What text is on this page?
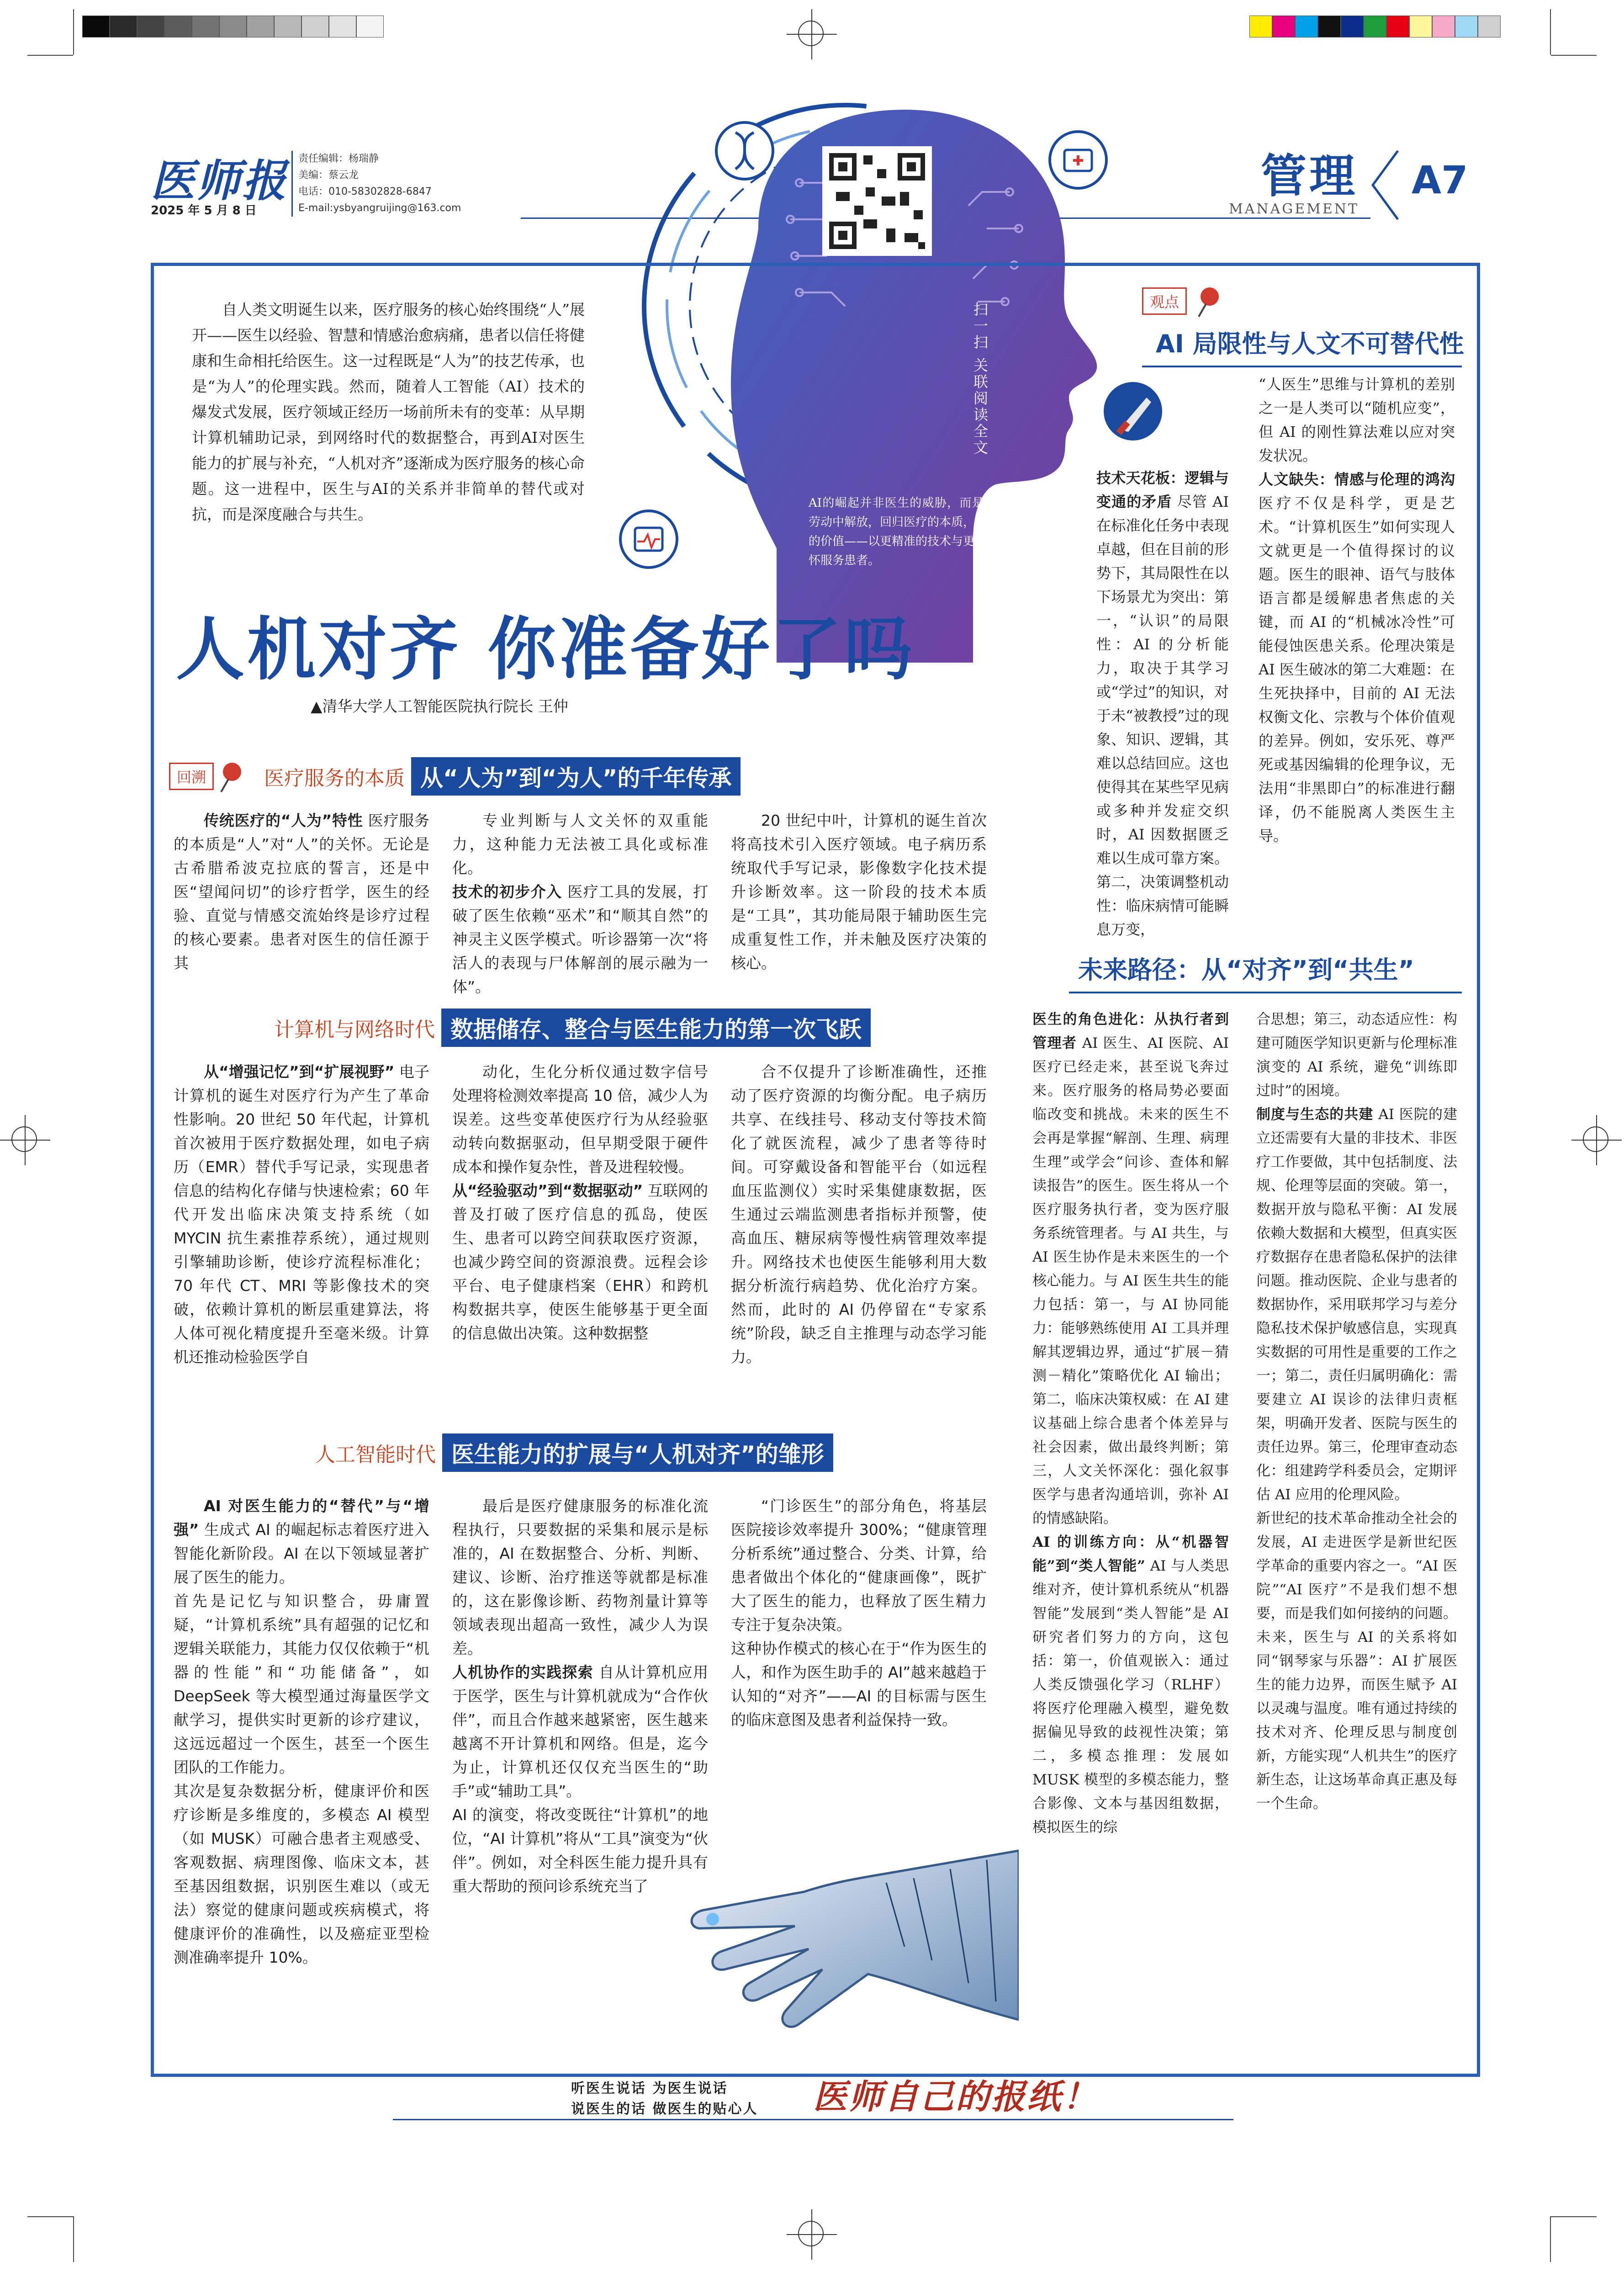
医师报
2025 年 5 月 8 日
责任编辑：杨瑞静
美编：蔡云龙
电话：010-58302828-6847
E-mail:ysbyangruijing@163.com
管理
MANAGEMENT
A7
扫一扫 关联阅读全文
AI的崛起并非医生的威胁，而是将其从重复劳动中解放，回归医疗的本质，提升医疗服务的价值——以更精准的技术与更深厚的人文关怀服务患者。
自人类文明诞生以来，医疗服务的核心始终围绕“人”展开——医生以经验、智慧和情感治愈病痛，患者以信任将健康和生命相托给医生。这一过程既是“人为”的技艺传承，也是“为人”的伦理实践。然而，随着人工智能（AI）技术的爆发式发展，医疗领域正经历一场前所未有的变革：从早期计算机辅助记录，到网络时代的数据整合，再到AI对医生能力的扩展与补充，“人机对齐”逐渐成为医疗服务的核心命题。这一进程中，医生与AI的关系并非简单的替代或对抗，而是深度融合与共生。
人机对齐 你准备好了吗
▲清华大学人工智能医院执行院长 王仲
回溯	医疗服务的本质 从“人为”到“为人”的千年传承

传统医疗的“人为”特性 医疗服务的本质是“人”对“人”的关怀。无论是古希腊希波克拉底的誓言，还是中医“望闻问切”的诊疗哲学，医生的经验、直觉与情感交流始终是诊疗过程的核心要素。患者对医生的信任源于其

专业判断与人文关怀的双重能力，这种能力无法被工具化或标准化。
技术的初步介入 医疗工具的发展，打破了医生依赖“巫术”和“顺其自然”的神灵主义医学模式。听诊器第一次“将活人的表现与尸体解剖的展示融为一体”。

20 世纪中叶，计算机的诞生首次将高技术引入医疗领域。电子病历系统取代手写记录，影像数字化技术提升诊断效率。这一阶段的技术本质是“工具”，其功能局限于辅助医生完成重复性工作，并未触及医疗决策的核心。

计算机与网络时代 数据储存、整合与医生能力的第一次飞跃

从“增强记忆”到“扩展视野” 电子计算机的诞生对医疗行为产生了革命性影响。20 世纪 50 年代起，计算机首次被用于医疗数据处理，如电子病历（EMR）替代手写记录，实现患者信息的结构化存储与快速检索；60 年代开发出临床决策支持系统（如 MYCIN 抗生素推荐系统），通过规则引擎辅助诊断，使诊疗流程标准化；70 年代 CT、MRI 等影像技术的突破，依赖计算机的断层重建算法，将人体可视化精度提升至毫米级。计算机还推动检验医学自

动化，生化分析仪通过数字信号处理将检测效率提高 10 倍，减少人为误差。这些变革使医疗行为从经验驱动转向数据驱动，但早期受限于硬件成本和操作复杂性，普及进程较慢。
从“经验驱动”到“数据驱动” 互联网的普及打破了医疗信息的孤岛，使医生、患者可以跨空间获取医疗资源，也减少跨空间的资源浪费。远程会诊平台、电子健康档案（EHR）和跨机构数据共享，使医生能够基于更全面的信息做出决策。这种数据整

合不仅提升了诊断准确性，还推动了医疗资源的均衡分配。电子病历共享、在线挂号、移动支付等技术简化了就医流程，减少了患者等待时间。可穿戴设备和智能平台（如远程血压监测仪）实时采集健康数据，医生通过云端监测患者指标并预警，使高血压、糖尿病等慢性病管理效率提升。网络技术也使医生能够利用大数据分析流行病趋势、优化治疗方案。然而，此时的 AI 仍停留在“专家系统”阶段，缺乏自主推理与动态学习能力。

人工智能时代 医生能力的扩展与“人机对齐”的雏形

AI 对医生能力的“替代”与“增强” 生成式 AI 的崛起标志着医疗进入智能化新阶段。AI 在以下领域显著扩展了医生的能力。
首先是记忆与知识整合，毋庸置疑，“计算机系统”具有超强的记忆和逻辑关联能力，其能力仅仅依赖于“机器的性能”和“功能储备”，如 DeepSeek 等大模型通过海量医学文献学习，提供实时更新的诊疗建议，这远远超过一个医生，甚至一个医生团队的工作能力。
其次是复杂数据分析，健康评价和医疗诊断是多维度的，多模态 AI 模型（如 MUSK）可融合患者主观感受、客观数据、病理图像、临床文本，甚至基因组数据，识别医生难以（或无法）察觉的健康问题或疾病模式，将健康评价的准确性，以及癌症亚型检测准确率提升 10%。

最后是医疗健康服务的标准化流程执行，只要数据的采集和展示是标准的，AI 在数据整合、分析、判断、建议、诊断、治疗推送等就都是标准的，这在影像诊断、药物剂量计算等领域表现出超高一致性，减少人为误差。
人机协作的实践探索 自从计算机应用于医学，医生与计算机就成为“合作伙伴”，而且合作越来越紧密，医生越来越离不开计算机和网络。但是，迄今为止，计算机还仅仅充当医生的“助手”或“辅助工具”。
AI 的演变，将改变既往“计算机”的地位，“AI 计算机”将从“工具”演变为“伙伴”。例如，对全科医生能力提升具有重大帮助的预问诊系统充当了

“门诊医生”的部分角色，将基层医院接诊效率提升 300%；“健康管理分析系统”通过整合、分类、计算，给患者做出个体化的“健康画像”，既扩大了医生的能力，也释放了医生精力专注于复杂决策。
这种协作模式的核心在于“作为医生的人，和作为医生助手的 AI”越来越趋于认知的“对齐”——AI 的目标需与医生的临床意图及患者利益保持一致。

观点
AI 局限性与人文不可替代性

技术天花板：逻辑与变通的矛盾 尽管 AI 在标准化任务中表现卓越，但在目前的形势下，其局限性在以下场景尤为突出：第一，“认识”的局限性：AI 的分析能力，取决于其学习或“学过”的知识，对于未“被教授”过的现象、知识、逻辑，其难以总结回应。这也使得其在某些罕见病或多种并发症交织时，AI 因数据匮乏难以生成可靠方案。第二，决策调整机动性：临床病情可能瞬息万变，

“人医生”思维与计算机的差别之一是人类可以“随机应变”，但 AI 的刚性算法难以应对突发状况。
人文缺失：情感与伦理的鸿沟 医疗不仅是科学，更是艺术。“计算机医生”如何实现人文就更是一个值得探讨的议题。医生的眼神、语气与肢体语言都是缓解患者焦虑的关键，而 AI 的“机械冰冷性”可能侵蚀医患关系。伦理决策是 AI 医生破冰的第二大难题：在生死抉择中，目前的 AI 无法权衡文化、宗教与个体价值观的差异。例如，安乐死、尊严死或基因编辑的伦理争议，无法用“非黑即白”的标准进行翻译，仍不能脱离人类医生主导。

未来路径：从“对齐”到“共生”

医生的角色进化：从执行者到管理者 AI 医生、AI 医院、AI 医疗已经走来，甚至说飞奔过来。医疗服务的格局势必要面临改变和挑战。未来的医生不会再是掌握“解剖、生理、病理生理”或学会“问诊、查体和解读报告”的医生。医生将从一个医疗服务执行者，变为医疗服务系统管理者。与 AI 共生，与 AI 医生协作是未来医生的一个核心能力。与 AI 医生共生的能力包括：第一，与 AI 协同能力：能够熟练使用 AI 工具并理解其逻辑边界，通过“扩展－猜测－精化”策略优化 AI 输出；第二，临床决策权威：在 AI 建议基础上综合患者个体差异与社会因素，做出最终判断；第三，人文关怀深化：强化叙事医学与患者沟通培训，弥补 AI 的情感缺陷。
AI 的训练方向：从“机器智能”到“类人智能” AI 与人类思维对齐，使计算机系统从“机器智能”发展到“类人智能”是 AI 研究者们努力的方向，这包括：第一，价值观嵌入：通过人类反馈强化学习（RLHF）将医疗伦理融入模型，避免数据偏见导致的歧视性决策；第二，多模态推理：发展如 MUSK 模型的多模态能力，整合影像、文本与基因组数据，模拟医生的综

合思想；第三，动态适应性：构建可随医学知识更新与伦理标准演变的 AI 系统，避免“训练即过时”的困境。
制度与生态的共建 AI 医院的建立还需要有大量的非技术、非医疗工作要做，其中包括制度、法规、伦理等层面的突破。第一，数据开放与隐私平衡：AI 发展依赖大数据和大模型，但真实医疗数据存在患者隐私保护的法律问题。推动医院、企业与患者的数据协作，采用联邦学习与差分隐私技术保护敏感信息，实现真实数据的可用性是重要的工作之一；第二，责任归属明确化：需要建立 AI 误诊的法律归责框架，明确开发者、医院与医生的责任边界。第三，伦理审查动态化：组建跨学科委员会，定期评估 AI 应用的伦理风险。
新世纪的技术革命推动全社会的发展，AI 走进医学是新世纪医学革命的重要内容之一。“AI 医院”“AI 医疗”不是我们想不想要，而是我们如何接纳的问题。未来，医生与 AI 的关系将如同“钢琴家与乐器”：AI 扩展医生的能力边界，而医生赋予 AI 以灵魂与温度。唯有通过持续的技术对齐、伦理反思与制度创新，方能实现“人机共生”的医疗新生态，让这场革命真正惠及每一个生命。

听医生说话 为医生说话
说医生的话 做医生的贴心人 医师自己的报纸！
